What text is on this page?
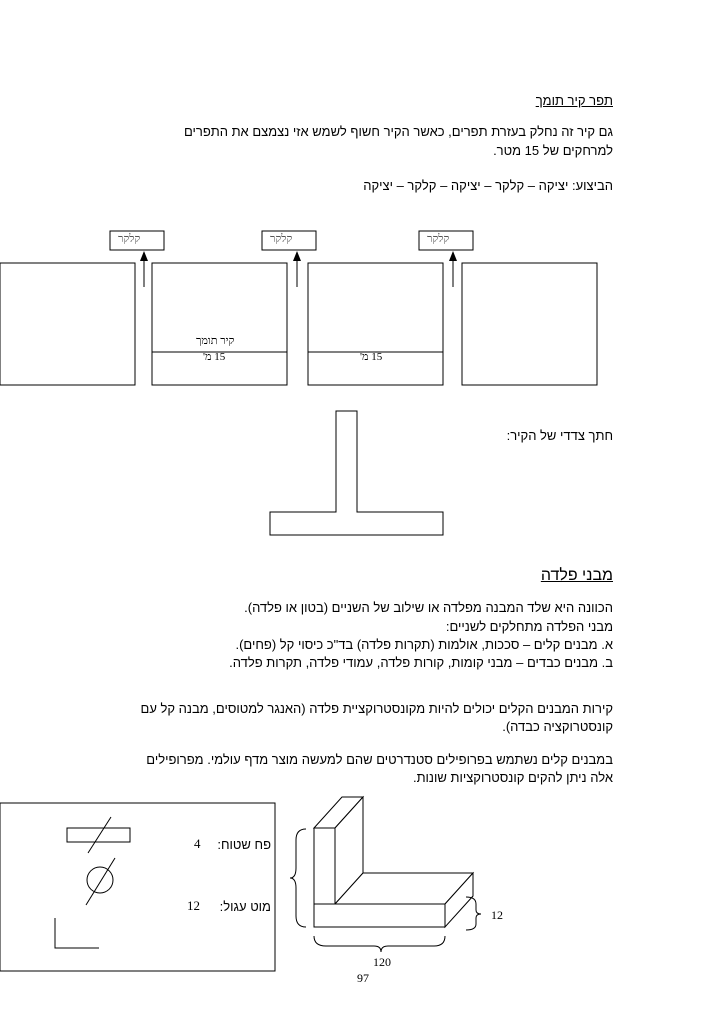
תפר קיר תומך
גם קיר זה נחלק בעזרת תפרים, כאשר הקיר חשוף לשמש אזי נצמצם את התפרים
למרחקים של 15 מטר.
הביצוע: יציקה – קלקר – יציקה – קלקר – יציקה
קלקר	קלקר	קלקר
קיר תומך
15 מ'	15 מ'
חתך צדדי של הקיר:
מבני פלדה
הכוונה היא שלד המבנה מפלדה או שילוב של השניים (בטון או פלדה).
מבני הפלדה מתחלקים לשניים:
א. מבנים קלים – סככות, אולמות (תקרות פלדה) בד"כ כיסוי קל (פחים).
ב. מבנים כבדים – מבני קומות, קורות פלדה, עמודי פלדה, תקרות פלדה.
קירות המבנים הקלים יכולים להיות מקונסטרוקציית פלדה (האנגר למטוסים, מבנה קל עם
קונסטרוקציה כבדה).
במבנים קלים נשתמש בפרופילים סטנדרטים שהם למעשה מוצר מדף עולמי. מפרופילים
אלה ניתן להקים קונסטרוקציות שונות.
פח שטוח:
4
מוט עגול:
12
12
120
97
